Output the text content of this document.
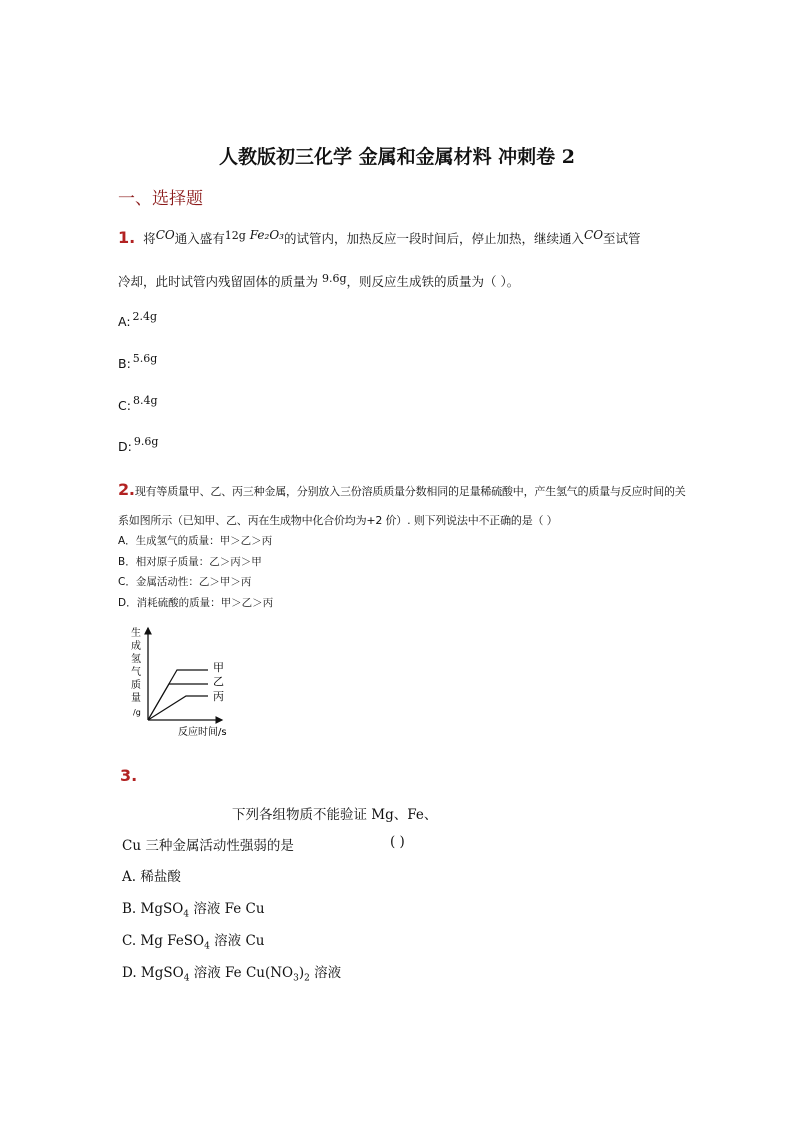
人教版初三化学 金属和金属材料 冲刺卷 2
一、选择题
1. 将CO通入盛有12g Fe₂O₃的试管内，加热反应一段时间后，停止加热，继续通入CO至试管
冷却，此时试管内残留固体的质量为 9.6g，则反应生成铁的质量为（ ）。
A: 2.4g
B: 5.6g
C: 8.4g
D: 9.6g
2.现有等质量甲、乙、丙三种金属，分别放入三份溶质质量分数相同的足量稀硫酸中，产生氢气的质量与反应时间的关
系如图所示（已知甲、乙、丙在生成物中化合价均为+2 价）. 则下列说法中不正确的是（ ）
A．生成氢气的质量：甲＞乙＞丙
B．相对原子质量：乙＞丙＞甲
C．金属活动性：乙＞甲＞丙
D．消耗硫酸的质量：甲＞乙＞丙
甲
乙
丙
生
成
氢
气
质
量
/g
反应时间/s
3.
下列各组物质不能验证 Mg、Fe、
Cu 三种金属活动性强弱的是	( )
A. 稀盐酸
B. MgSO$_4$ 溶液 Fe Cu
C. Mg FeSO$_4$ 溶液 Cu
D. MgSO$_4$ 溶液 Fe $Cu(NO_3)_2$ 溶液
